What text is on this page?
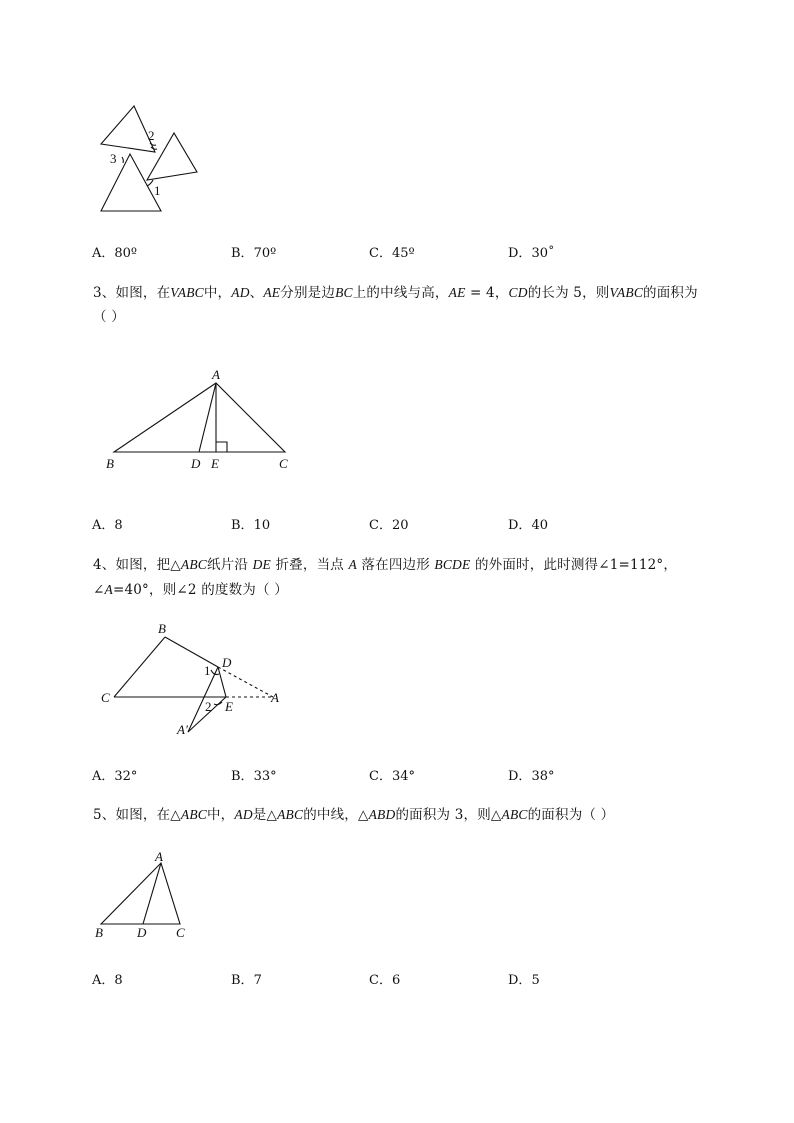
2
3
1
A．80º	B．70º	C．45º	D．30˚
3、如图，在VABC中，AD、AE分别是边BC上的中线与高，AE = 4，CD的长为 5，则VABC的面积为
（ ）
A
B	D E	C
A．8	B．10	C．20	D．40
4、如图，把△ABC纸片沿 DE 折叠，当点 A 落在四边形 BCDE 的外面时，此时测得∠1=112°，
∠A=40°，则∠2 的度数为（ ）
B
C
D
1
2 E
A
A'
A．32°	B．33°	C．34°	D．38°
5、如图，在△ABC中，AD是△ABC的中线，△ABD的面积为 3，则△ABC的面积为（ ）
A
B	D C
A．8	B．7	C．6	D．5
